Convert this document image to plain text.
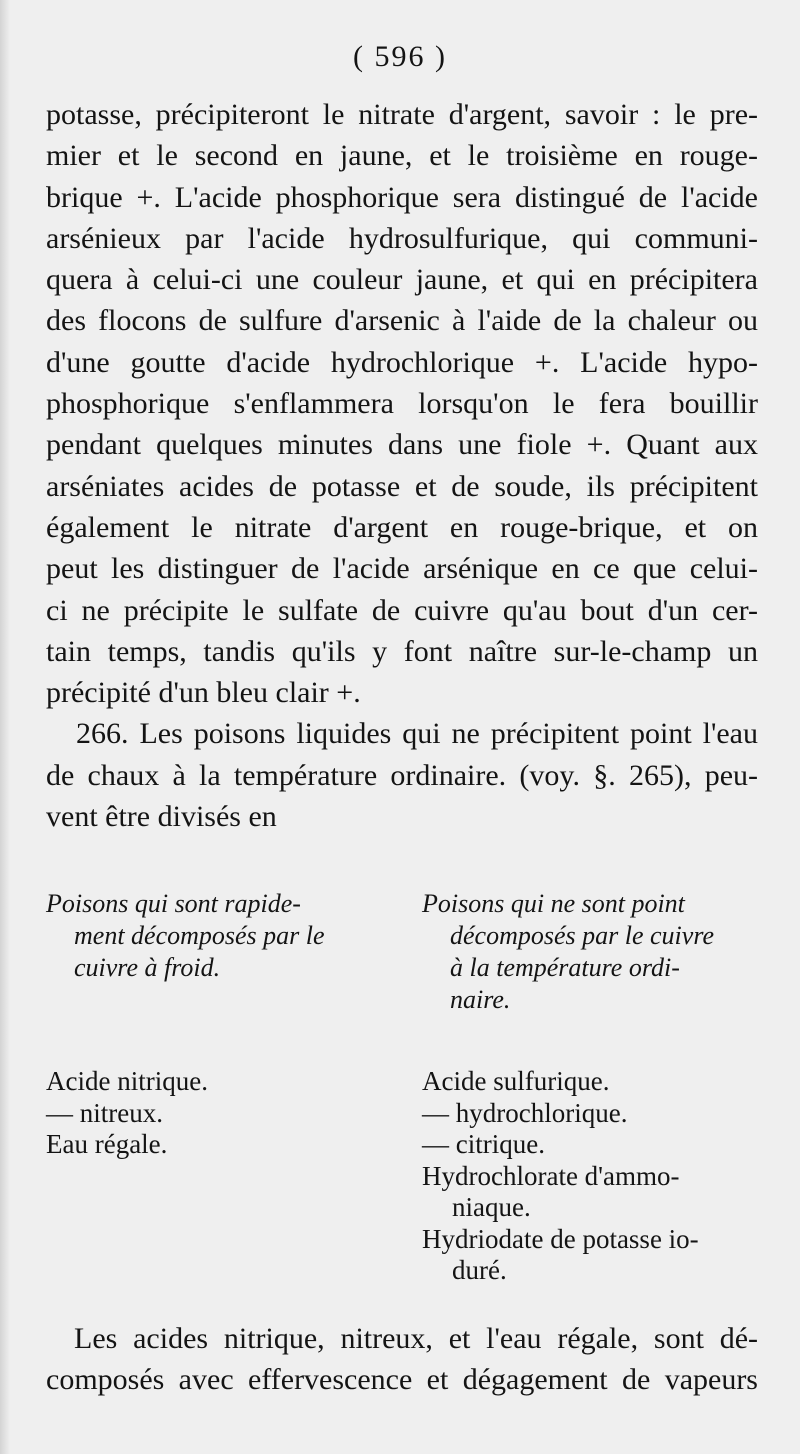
( 596 )
potasse, précipiteront le nitrate d'argent, savoir : le pre-
mier et le second en jaune, et le troisième en rouge-
brique +. L'acide phosphorique sera distingué de l'acide
arsénieux par l'acide hydrosulfurique, qui communi-
quera à celui-ci une couleur jaune, et qui en précipitera
des flocons de sulfure d'arsenic à l'aide de la chaleur ou
d'une goutte d'acide hydrochlorique +. L'acide hypo-
phosphorique s'enflammera lorsqu'on le fera bouillir
pendant quelques minutes dans une fiole +. Quant aux
arséniates acides de potasse et de soude, ils précipitent
également le nitrate d'argent en rouge-brique, et on
peut les distinguer de l'acide arsénique en ce que celui-
ci ne précipite le sulfate de cuivre qu'au bout d'un cer-
tain temps, tandis qu'ils y font naître sur-le-champ un
précipité d'un bleu clair +.
266. Les poisons liquides qui ne précipitent point l'eau
de chaux à la température ordinaire. (voy. §. 265), peu-
vent être divisés en
Poisons qui sont rapide-
ment décomposés par le
cuivre à froid.
Poisons qui ne sont point
décomposés par le cuivre
à la température ordi-
naire.
Acide nitrique.
— nitreux.
Eau régale.
Acide sulfurique.
— hydrochlorique.
— citrique.
Hydrochlorate d'ammo-
niaque.
Hydriodate de potasse io-
duré.
Les acides nitrique, nitreux, et l'eau régale, sont dé-
composés avec effervescence et dégagement de vapeurs
